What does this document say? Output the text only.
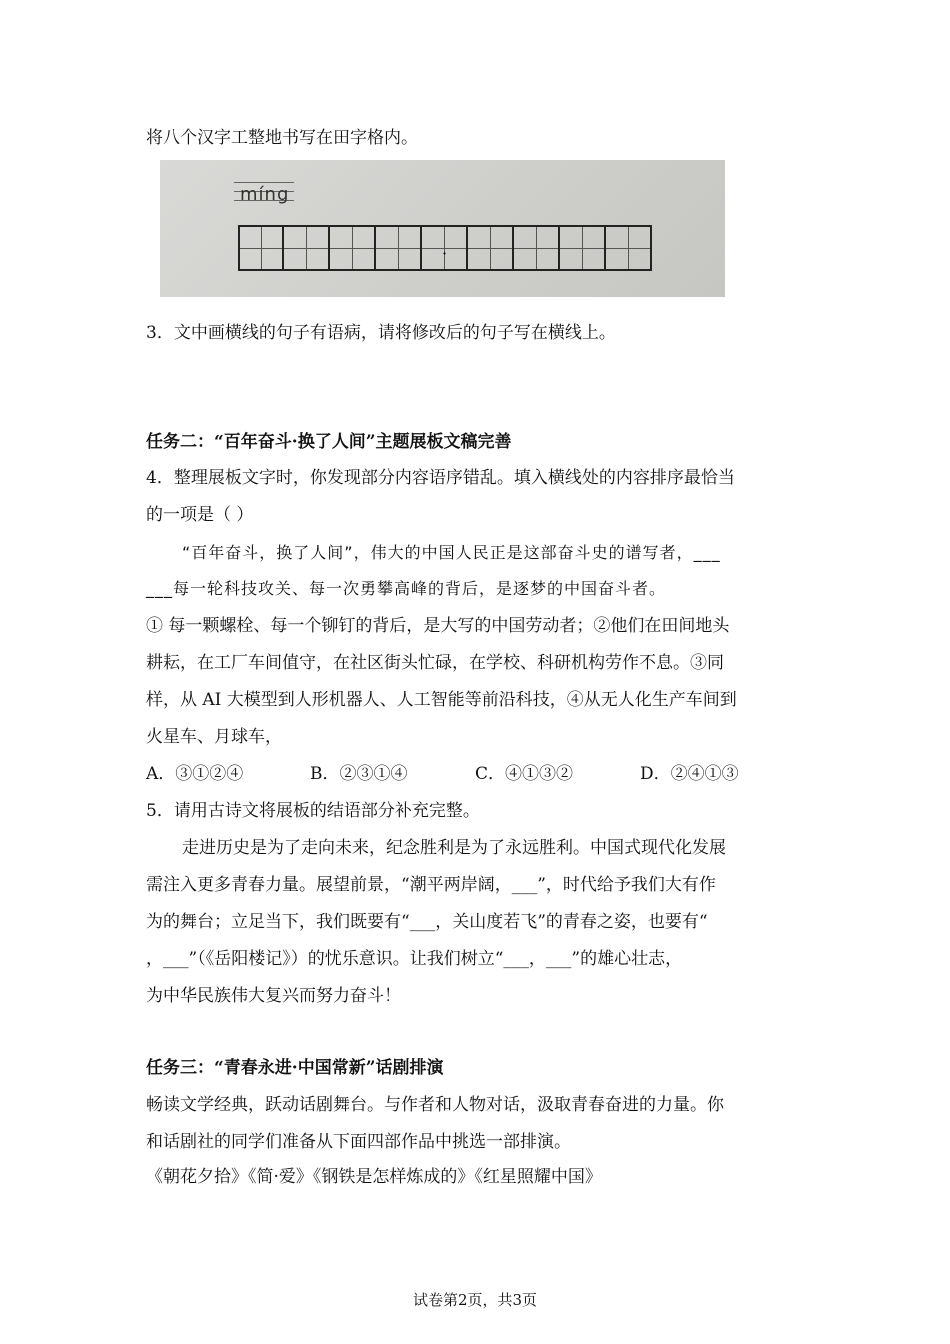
将八个汉字工整地书写在田字格内。
míng
·
3．文中画横线的句子有语病，请将修改后的句子写在横线上。
任务二：“百年奋斗·换了人间”主题展板文稿完善
4．整理展板文字时，你发现部分内容语序错乱。填入横线处的内容排序最恰当
的一项是（ ）
“百年奋斗，换了人间”，伟大的中国人民正是这部奋斗史的谱写者，___
___每一轮科技攻关、每一次勇攀高峰的背后，是逐梦的中国奋斗者。
① 每一颗螺栓、每一个铆钉的背后，是大写的中国劳动者；②他们在田间地头
耕耘，在工厂车间值守，在社区街头忙碌，在学校、科研机构劳作不息。③同
样，从 AI 大模型到人形机器人、人工智能等前沿科技，④从无人化生产车间到
火星车、月球车，
A．③①②④	B．②③①④	C．④①③②	D．②④①③
5．请用古诗文将展板的结语部分补充完整。
走进历史是为了走向未来，纪念胜利是为了永远胜利。中国式现代化发展
需注入更多青春力量。展望前景，“潮平两岸阔，___”，时代给予我们大有作
为的舞台；立足当下，我们既要有“___，关山度若飞”的青春之姿，也要有“
，___”（《岳阳楼记》）的忧乐意识。让我们树立“___，___”的雄心壮志，
为中华民族伟大复兴而努力奋斗！
任务三：“青春永进·中国常新”话剧排演
畅读文学经典，跃动话剧舞台。与作者和人物对话，汲取青春奋进的力量。你
和话剧社的同学们准备从下面四部作品中挑选一部排演。
《朝花夕拾》《简·爱》《钢铁是怎样炼成的》《红星照耀中国》
试卷第2页，共3页
